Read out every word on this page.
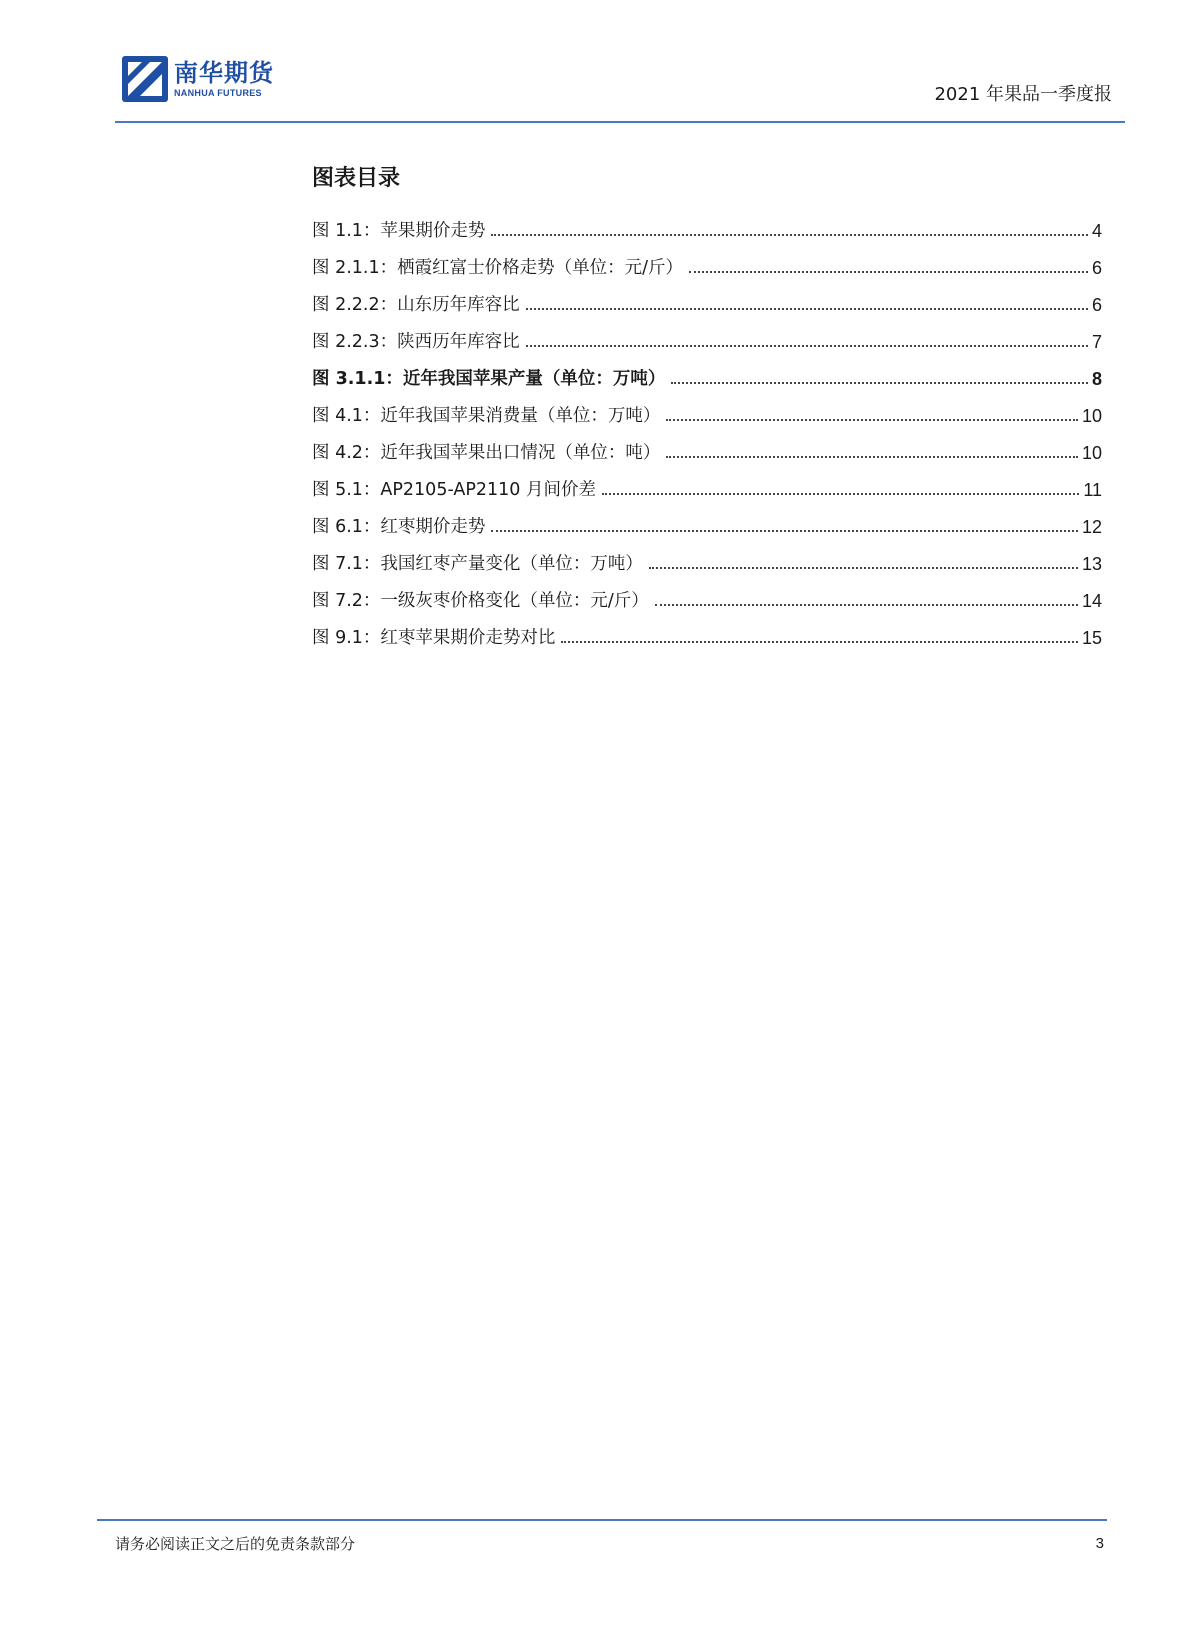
南华期货
NANHUA FUTURES	2021 年果品一季度报
图表目录
图 1.1：苹果期价走势	4
图 2.1.1：栖霞红富士价格走势（单位：元/斤）	6
图 2.2.2：山东历年库容比	6
图 2.2.3：陕西历年库容比	7
图 3.1.1：近年我国苹果产量（单位：万吨）	8
图 4.1：近年我国苹果消费量（单位：万吨）	10
图 4.2：近年我国苹果出口情况（单位：吨）	10
图 5.1：AP2105-AP2110 月间价差	11
图 6.1：红枣期价走势	12
图 7.1：我国红枣产量变化（单位：万吨）	13
图 7.2：一级灰枣价格变化（单位：元/斤）	14
图 9.1：红枣苹果期价走势对比	15
请务必阅读正文之后的免责条款部分	3
